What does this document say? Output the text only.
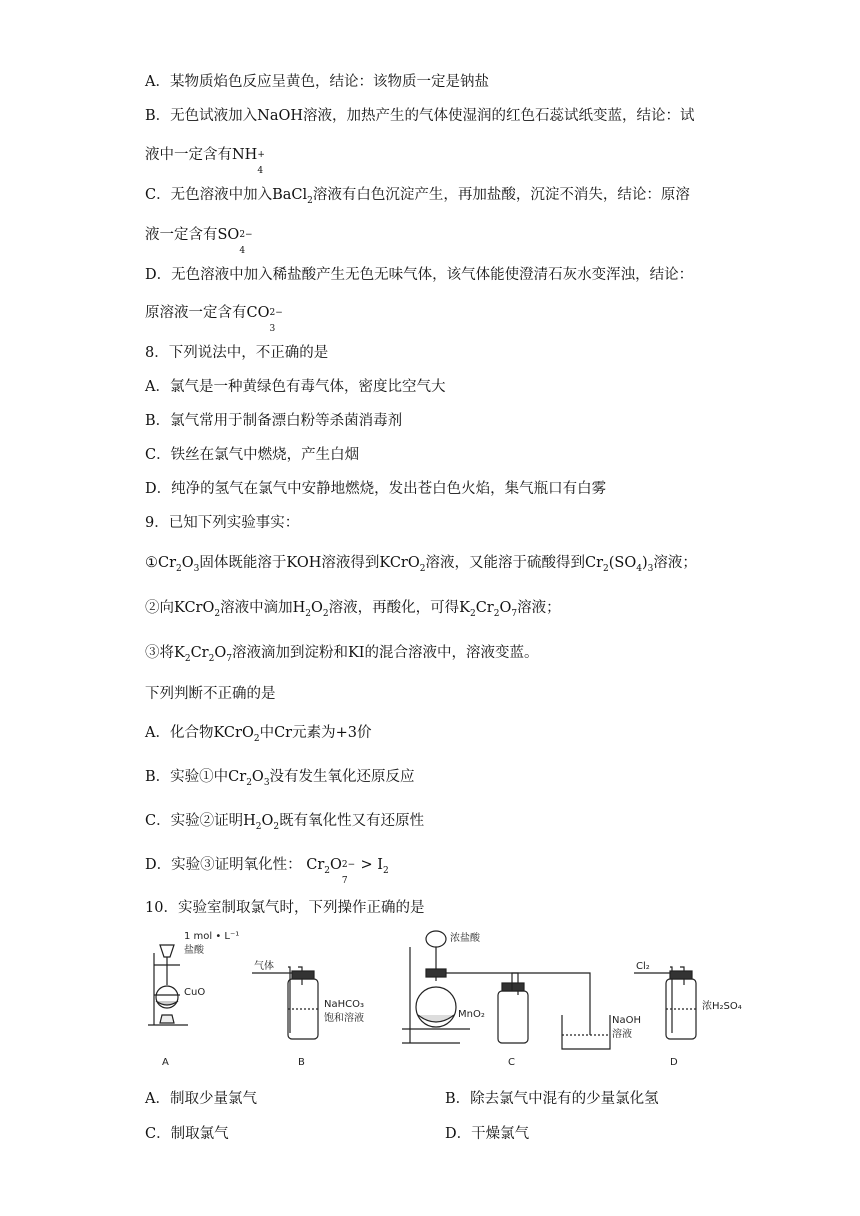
A．某物质焰色反应呈黄色，结论：该物质一定是钠盐
B．无色试液加入NaOH溶液，加热产生的气体使湿润的红色石蕊试纸变蓝，结论：试
液中一定含有NH +
4
C．无色溶液中加入BaCl$_2$溶液有白色沉淀产生，再加盐酸，沉淀不消失，结论：原溶
液一定含有SO 2−
4
D．无色溶液中加入稀盐酸产生无色无味气体，该气体能使澄清石灰水变浑浊，结论：
原溶液一定含有CO 2−
3
8．下列说法中，不正确的是
A．氯气是一种黄绿色有毒气体，密度比空气大
B．氯气常用于制备漂白粉等杀菌消毒剂
C．铁丝在氯气中燃烧，产生白烟
D．纯净的氢气在氯气中安静地燃烧，发出苍白色火焰，集气瓶口有白雾
9．已知下列实验事实：
$①Cr_2O_3$固体既能溶于KOH溶液得到KCrO$_2$溶液，又能溶于硫酸得到$Cr_2(SO_4)_3$溶液；
②向KCrO$_2$溶液中滴加$H_2O_2$溶液，再酸化，可得$K_2Cr_2O_7$溶液；
③将$K_2Cr_2O_7$溶液滴加到淀粉和KI的混合溶液中，溶液变蓝。
下列判断不正确的是
A．化合物KCrO$_2$中Cr元素为+3价
B．实验①中$Cr_2O_3$没有发生氧化还原反应
C．实验②证明$H_2O_2$既有氧化性又有还原性
D．实验③证明氧化性： $Cr_2O$ 2−
7
> $I_2$
10．实验室制取氯气时，下列操作正确的是
1 mol • L⁻¹
盐酸
CuO
A
气体
NaHCO₃
饱和溶液
B
浓盐酸
MnO₂
NaOH
溶液
C
Cl₂
浓H₂SO₄
D
A．制取少量氯气	B．除去氯气中混有的少量氯化氢
C．制取氯气	D．干燥氯气
